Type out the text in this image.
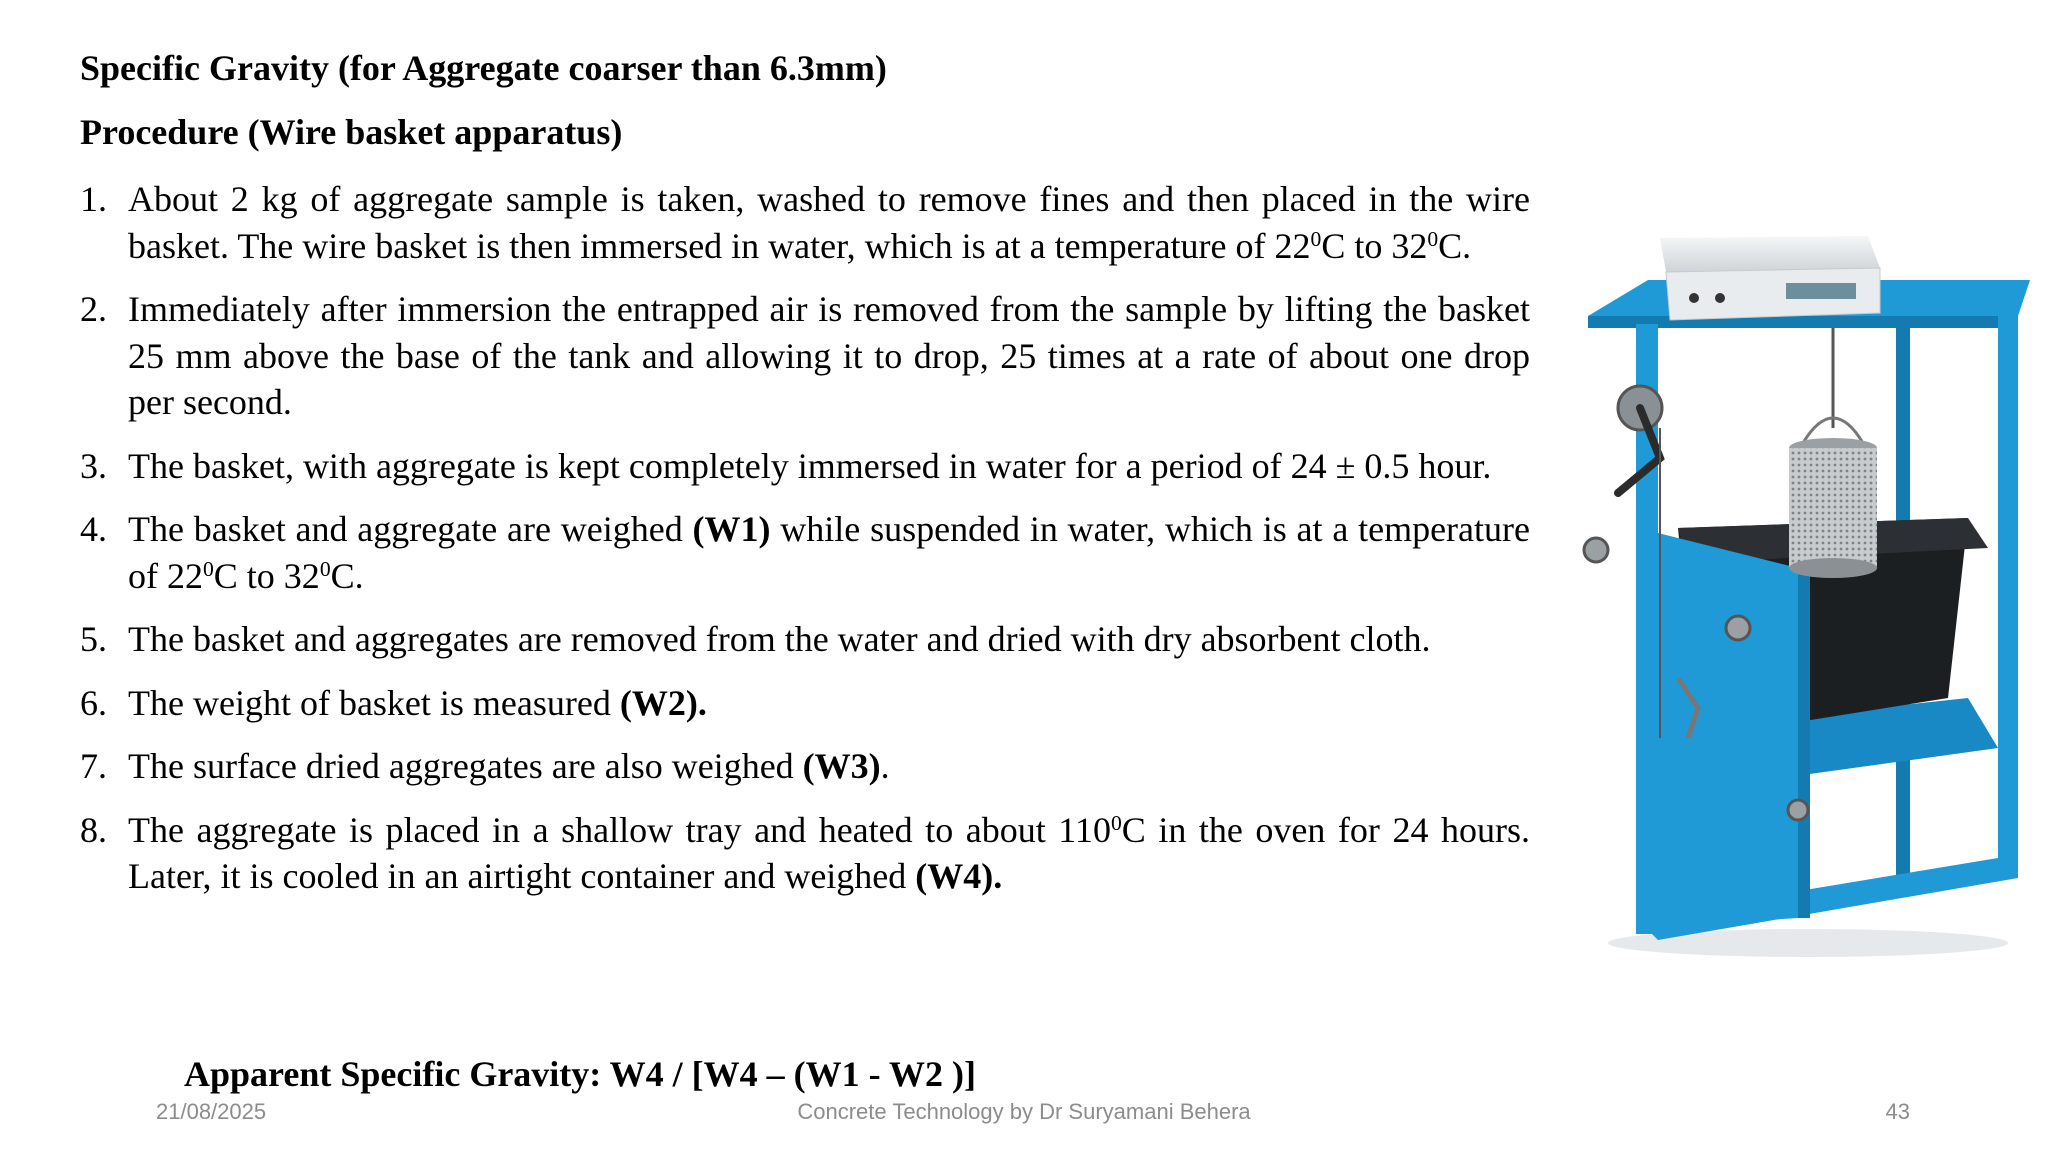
Specific Gravity (for Aggregate coarser than 6.3mm)
Procedure (Wire basket apparatus)
1. About 2 kg of aggregate sample is taken, washed to remove fines and then placed in the wire basket. The wire basket is then immersed in water, which is at a temperature of $22^0C$ to $32^0C$.
2. Immediately after immersion the entrapped air is removed from the sample by lifting the basket 25 mm above the base of the tank and allowing it to drop, 25 times at a rate of about one drop per second.
3. The basket, with aggregate is kept completely immersed in water for a period of 24 ± 0.5 hour.
4. The basket and aggregate are weighed (W1) while suspended in water, which is at a temperature of $22^0C$ to $32^0C$.
5. The basket and aggregates are removed from the water and dried with dry absorbent cloth.
6. The weight of basket is measured (W2).
7. The surface dried aggregates are also weighed (W3).
8. The aggregate is placed in a shallow tray and heated to about $110^0C$ in the oven for 24 hours. Later, it is cooled in an airtight container and weighed (W4).
Apparent Specific Gravity: W4 / [W4 – (W1 - W2 )]
21/08/2025	Concrete Technology by Dr Suryamani Behera	43
